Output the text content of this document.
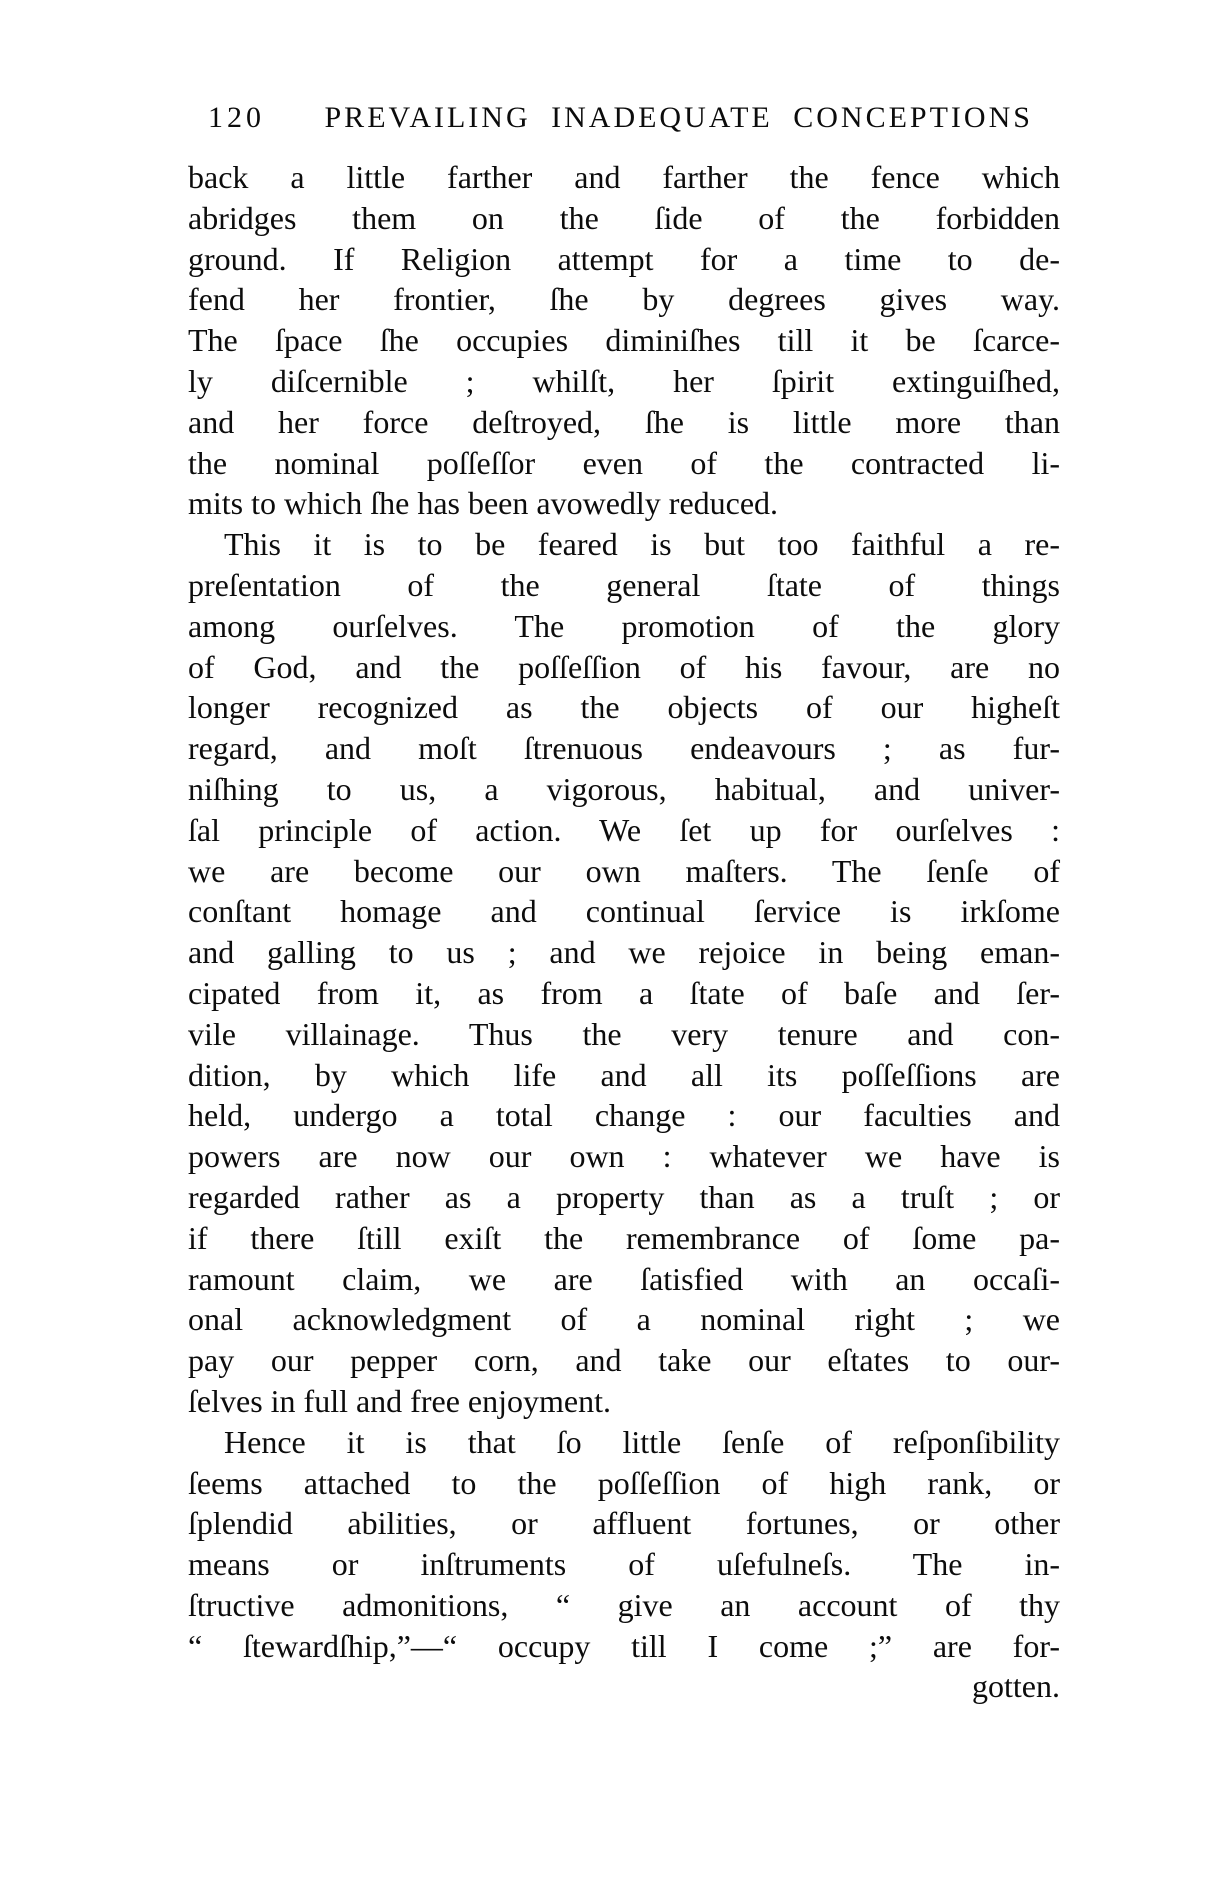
120 PREVAILING INADEQUATE CONCEPTIONS
back a little farther and farther the fence which
abridges them on the ſide of the forbidden
ground. If Religion attempt for a time to de-
fend her frontier, ſhe by degrees gives way.
The ſpace ſhe occupies diminiſhes till it be ſcarce-
ly diſcernible ; whilſt, her ſpirit extinguiſhed,
and her force deſtroyed, ſhe is little more than
the nominal poſſeſſor even of the contracted li-
mits to which ſhe has been avowedly reduced.
This it is to be feared is but too faithful a re-
preſentation of the general ſtate of things
among ourſelves. The promotion of the glory
of God, and the poſſeſſion of his favour, are no
longer recognized as the objects of our higheſt
regard, and moſt ſtrenuous endeavours ; as fur-
niſhing to us, a vigorous, habitual, and univer-
ſal principle of action. We ſet up for ourſelves :
we are become our own maſters. The ſenſe of
conſtant homage and continual ſervice is irkſome
and galling to us ; and we rejoice in being eman-
cipated from it, as from a ſtate of baſe and ſer-
vile villainage. Thus the very tenure and con-
dition, by which life and all its poſſeſſions are
held, undergo a total change : our faculties and
powers are now our own : whatever we have is
regarded rather as a property than as a truſt ; or
if there ſtill exiſt the remembrance of ſome pa-
ramount claim, we are ſatisfied with an occaſi-
onal acknowledgment of a nominal right ; we
pay our pepper corn, and take our eſtates to our-
ſelves in full and free enjoyment.
Hence it is that ſo little ſenſe of reſponſibility
ſeems attached to the poſſeſſion of high rank, or
ſplendid abilities, or affluent fortunes, or other
means or inſtruments of uſefulneſs. The in-
ſtructive admonitions, “ give an account of thy
“ ſtewardſhip,”—“ occupy till I come ;” are for-
gotten.
